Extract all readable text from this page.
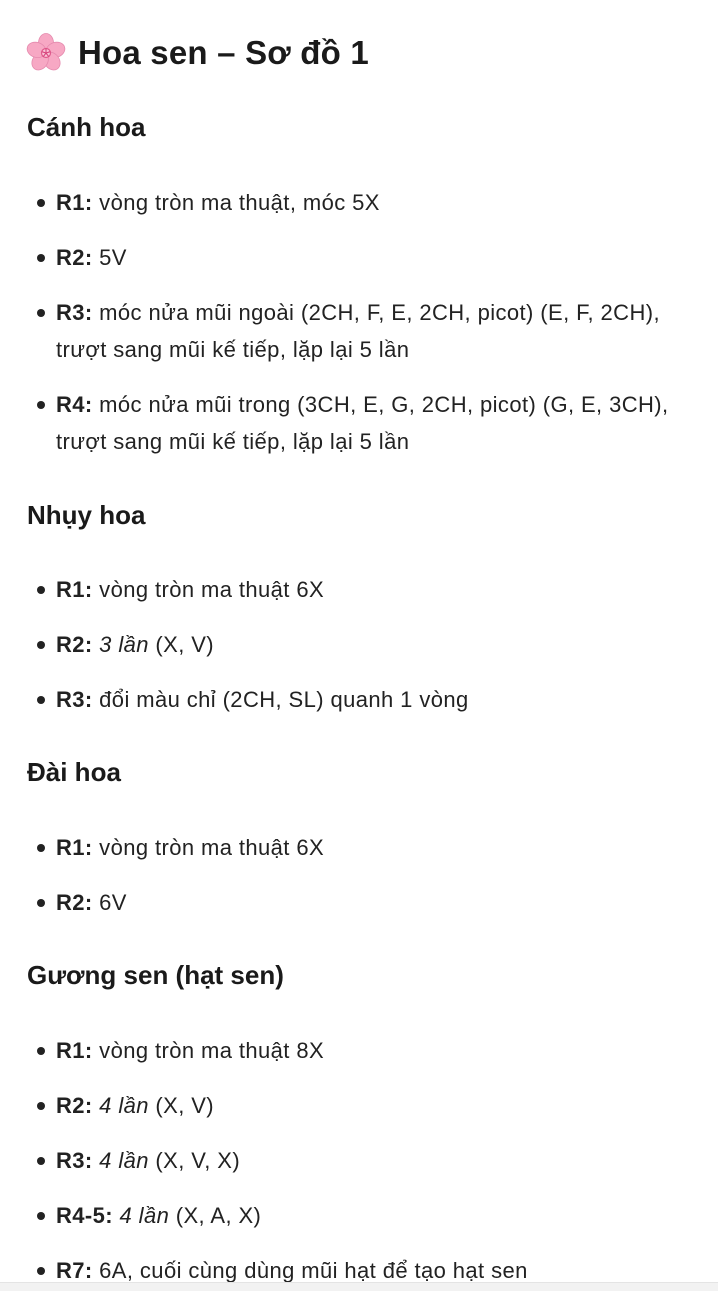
Hoa sen – Sơ đồ 1
Cánh hoa
R1: vòng tròn ma thuật, móc 5X
R2: 5V
R3: móc nửa mũi ngoài (2CH, F, E, 2CH, picot) (E, F, 2CH), trượt sang mũi kế tiếp, lặp lại 5 lần
R4: móc nửa mũi trong (3CH, E, G, 2CH, picot) (G, E, 3CH), trượt sang mũi kế tiếp, lặp lại 5 lần
Nhụy hoa
R1: vòng tròn ma thuật 6X
R2: 3 lần (X, V)
R3: đổi màu chỉ (2CH, SL) quanh 1 vòng
Đài hoa
R1: vòng tròn ma thuật 6X
R2: 6V
Gương sen (hạt sen)
R1: vòng tròn ma thuật 8X
R2: 4 lần (X, V)
R3: 4 lần (X, V, X)
R4-5: 4 lần (X, A, X)
R7: 6A, cuối cùng dùng mũi hạt để tạo hạt sen
